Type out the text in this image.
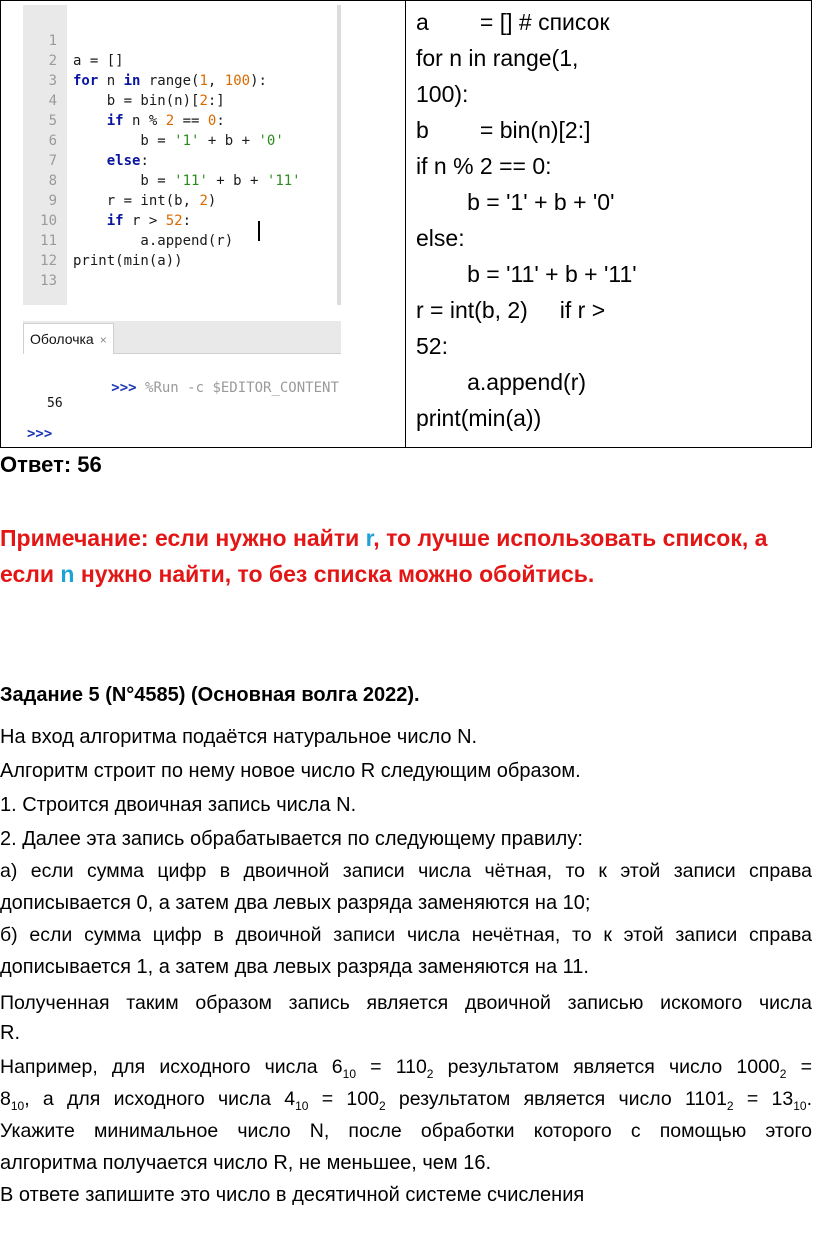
1

a = []

2

for n in range(1, 100):

3

b = bin(n)[2:]

4

if n % 2 == 0:

5

b = '1' + b + '0'

6

else:

7

b = '11' + b + '11'

8

r = int(b, 2)

9

if r > 52:

10

a.append(r)

11

print(min(a))

12

13

Оболочка ×

>>> %Run -c $EDITOR_CONTENT

56
>>>
a        = [] # список
for n in range(1,
100):
b        = bin(n)[2:]
if n % 2 == 0:
b = '1' + b + '0'
else:
b = '11' + b + '11'
r = int(b, 2)     if r >
52:
a.append(r)
print(min(a))
Ответ: 56
Примечание: если нужно найти r, то лучше использовать список, а
если n нужно найти, то без списка можно обойтись.
Задание 5 (N°4585) (Основная волга 2022).
На вход алгоритма подаётся натуральное число N.
Алгоритм строит по нему новое число R следующим образом.
1. Строится двоичная запись числа N.
2. Далее эта запись обрабатывается по следующему правилу:
а) если сумма цифр в двоичной записи числа чётная, то к этой записи справа
дописывается 0, а затем два левых разряда заменяются на 10;
б) если сумма цифр в двоичной записи числа нечётная, то к этой записи справа
дописывается 1, а затем два левых разряда заменяются на 11.
Полученная таким образом запись является двоичной записью искомого числа
R.
Например, для исходного числа $6_{10} = 110_2$ результатом является число $1000_2$ =
$8_{10}$, а для исходного числа $4_{10} = 100_2$ результатом является число $1101_2 = 13_{10}$.
Укажите минимальное число N, после обработки которого с помощью этого
алгоритма получается число R, не меньшее, чем 16.
В ответе запишите это число в десятичной системе счисления
